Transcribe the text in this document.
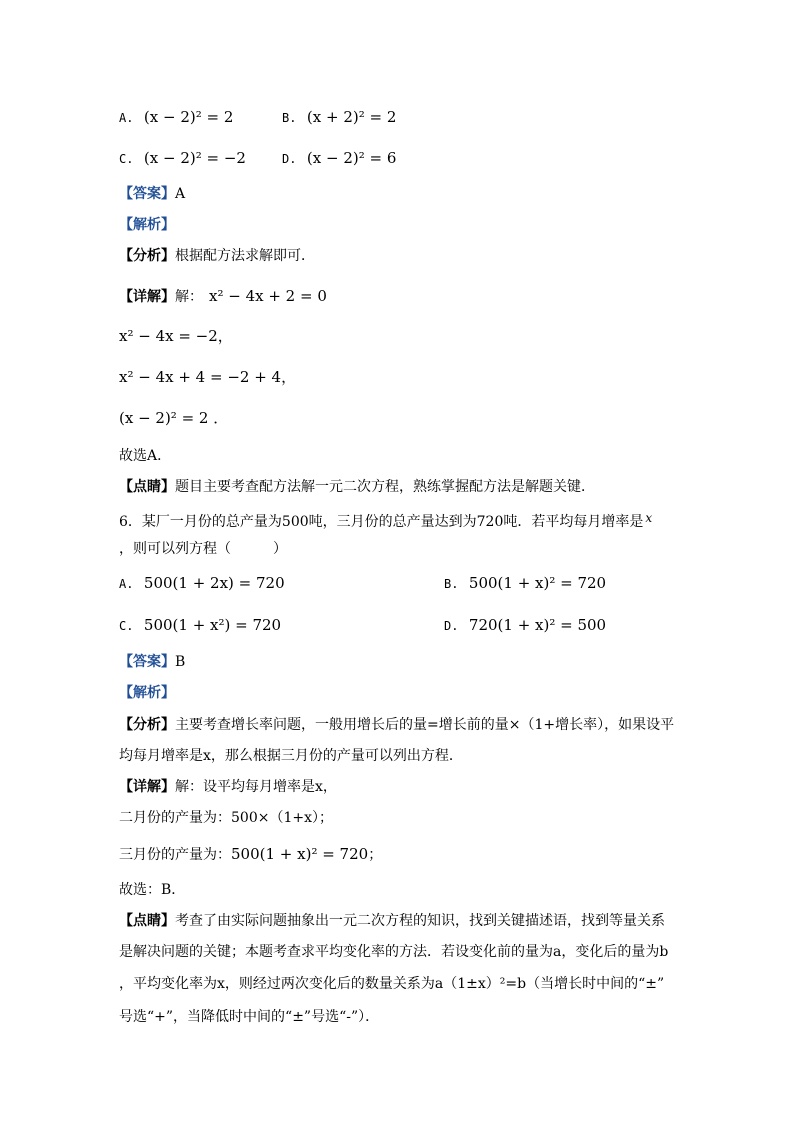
A. (x − 2)² = 2	B. (x + 2)² = 2
C. (x − 2)² = −2	D. (x − 2)² = 6
【答案】A
【解析】
【分析】根据配方法求解即可．
【详解】解： x² − 4x + 2 = 0
x² − 4x = −2，
x² − 4x + 4 = −2 + 4，
(x − 2)² = 2 ．
故选A．
【点睛】题目主要考查配方法解一元二次方程，熟练掌握配方法是解题关键．
6．某厂一月份的总产量为500吨，三月份的总产量达到为720吨．若平均每月增率是 x
，则可以列方程（　　　）
A. 500(1 + 2x) = 720	B. 500(1 + x)² = 720
C. 500(1 + x²) = 720	D. 720(1 + x)² = 500
【答案】B
【解析】
【分析】主要考查增长率问题，一般用增长后的量=增长前的量×（1+增长率），如果设平
均每月增率是x，那么根据三月份的产量可以列出方程．
【详解】解：设平均每月增率是x，
二月份的产量为：500×（1+x）；
三月份的产量为：500(1 + x)² = 720；
故选：B．
【点睛】考查了由实际问题抽象出一元二次方程的知识，找到关键描述语，找到等量关系
是解决问题的关键；本题考查求平均变化率的方法．若设变化前的量为a，变化后的量为b
，平均变化率为x，则经过两次变化后的数量关系为a（1±x）²=b（当增长时中间的“±”
号选“+”，当降低时中间的“±”号选“-”）．
